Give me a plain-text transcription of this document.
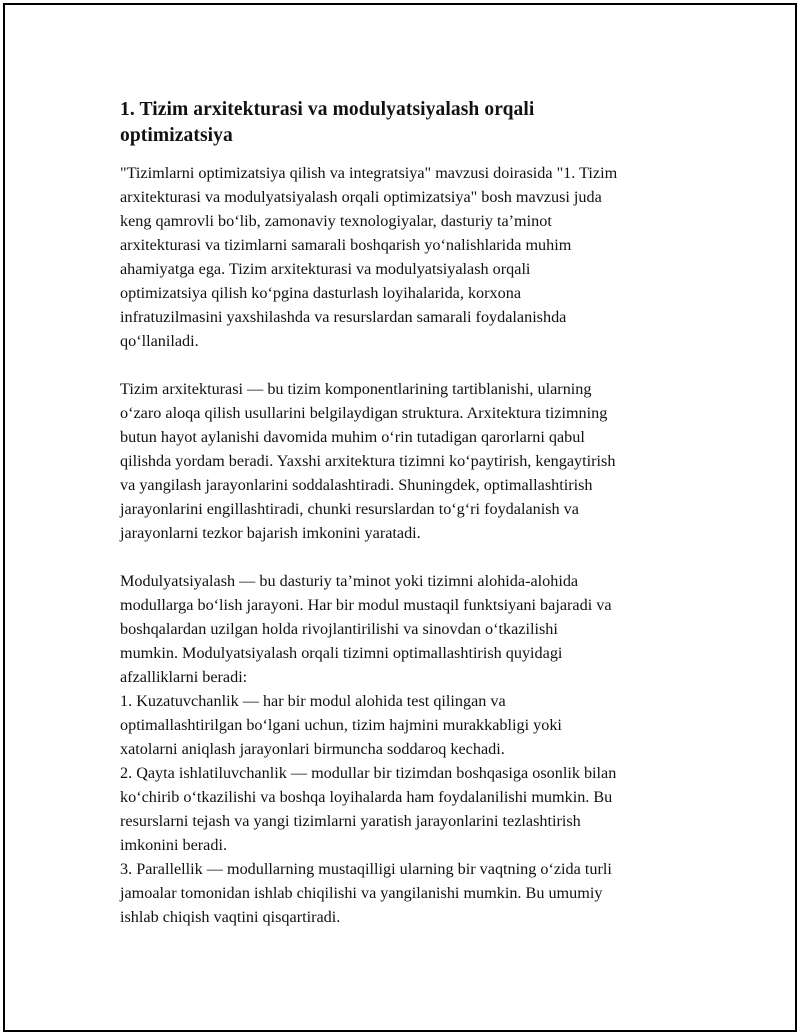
1. Tizim arxitekturasi va modulyatsiyalash orqali
optimizatsiya

"Tizimlarni optimizatsiya qilish va integratsiya" mavzusi doirasida "1. Tizim
arxitekturasi va modulyatsiyalash orqali optimizatsiya" bosh mavzusi juda
keng qamrovli boʻlib, zamonaviy texnologiyalar, dasturiy taʼminot
arxitekturasi va tizimlarni samarali boshqarish yoʻnalishlarida muhim
ahamiyatga ega. Tizim arxitekturasi va modulyatsiyalash orqali
optimizatsiya qilish koʻpgina dasturlash loyihalarida, korxona
infratuzilmasini yaxshilashda va resurslardan samarali foydalanishda
qoʻllaniladi.

Tizim arxitekturasi — bu tizim komponentlarining tartiblanishi, ularning
oʻzaro aloqa qilish usullarini belgilaydigan struktura. Arxitektura tizimning
butun hayot aylanishi davomida muhim oʻrin tutadigan qarorlarni qabul
qilishda yordam beradi. Yaxshi arxitektura tizimni koʻpaytirish, kengaytirish
va yangilash jarayonlarini soddalashtiradi. Shuningdek, optimallashtirish
jarayonlarini engillashtiradi, chunki resurslardan toʻgʻri foydalanish va
jarayonlarni tezkor bajarish imkonini yaratadi.

Modulyatsiyalash — bu dasturiy taʼminot yoki tizimni alohida-alohida
modullarga boʻlish jarayoni. Har bir modul mustaqil funktsiyani bajaradi va
boshqalardan uzilgan holda rivojlantirilishi va sinovdan oʻtkazilishi
mumkin. Modulyatsiyalash orqali tizimni optimallashtirish quyidagi
afzalliklarni beradi:
1. Kuzatuvchanlik — har bir modul alohida test qilingan va
optimallashtirilgan boʻlgani uchun, tizim hajmini murakkabligi yoki
xatolarni aniqlash jarayonlari birmuncha soddaroq kechadi.
2. Qayta ishlatiluvchanlik — modullar bir tizimdan boshqasiga osonlik bilan
koʻchirib oʻtkazilishi va boshqa loyihalarda ham foydalanilishi mumkin. Bu
resurslarni tejash va yangi tizimlarni yaratish jarayonlarini tezlashtirish
imkonini beradi.
3. Parallellik — modullarning mustaqilligi ularning bir vaqtning oʻzida turli
jamoalar tomonidan ishlab chiqilishi va yangilanishi mumkin. Bu umumiy
ishlab chiqish vaqtini qisqartiradi.
